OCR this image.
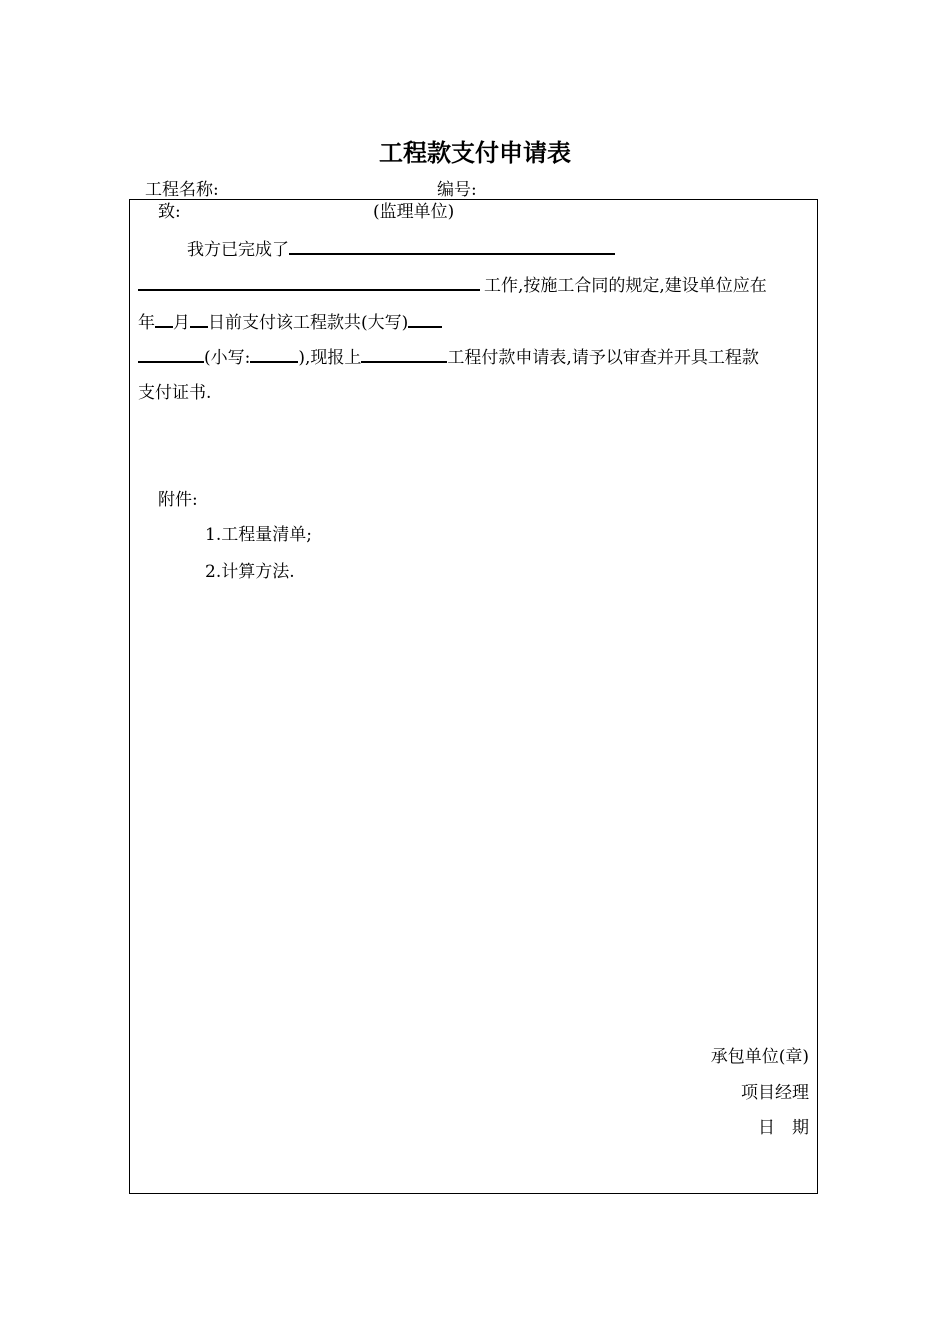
工程款支付申请表
工程名称:	编号:
致:	(监理单位)
我方已完成了
工作,按施工合同的规定,建设单位应在
年 月 日前支付该工程款共(大写)
(小写:	),现报上	工程付款申请表,请予以审查并开具工程款
支付证书.
附件:
1.工程量清单;
2.计算方法.
承包单位(章)
项目经理
日　期
